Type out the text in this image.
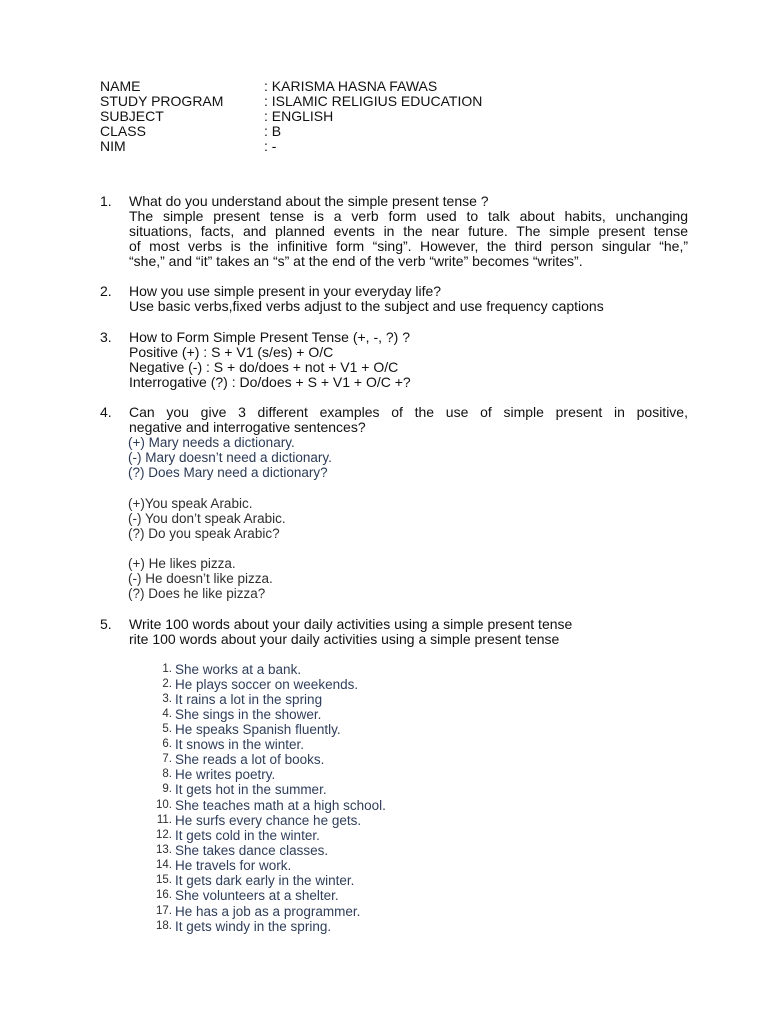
NAME	: KARISMA HASNA FAWAS
STUDY PROGRAM	: ISLAMIC RELIGIUS EDUCATION
SUBJECT	: ENGLISH
CLASS	: B
NIM	: -
1. What do you understand about the simple present tense ?
The simple present tense is a verb form used to talk about habits, unchanging
situations, facts, and planned events in the near future. The simple present tense
of most verbs is the infinitive form “sing”. However, the third person singular “he,”
“she,” and “it” takes an “s” at the end of the verb “write” becomes “writes”.
2. How you use simple present in your everyday life?
Use basic verbs,fixed verbs adjust to the subject and use frequency captions
3. How to Form Simple Present Tense (+, -, ?) ?
Positive (+) : S + V1 (s/es) + O/C
Negative (-) : S + do/does + not + V1 + O/C
Interrogative (?) : Do/does + S + V1 + O/C +?
4. Can you give 3 different examples of the use of simple present in positive,
negative and interrogative sentences?
(+) Mary needs a dictionary.
(-) Mary doesn’t need a dictionary.
(?) Does Mary need a dictionary?
(+)You speak Arabic.
(-) You don’t speak Arabic.
(?) Do you speak Arabic?
(+) He likes pizza.
(-) He doesn’t like pizza.
(?) Does he like pizza?
5. Write 100 words about your daily activities using a simple present tense
rite 100 words about your daily activities using a simple present tense
1. She works at a bank.
2. He plays soccer on weekends.
3. It rains a lot in the spring
4. She sings in the shower.
5. He speaks Spanish fluently.
6. It snows in the winter.
7. She reads a lot of books.
8. He writes poetry.
9. It gets hot in the summer.
10. She teaches math at a high school.
11. He surfs every chance he gets.
12. It gets cold in the winter.
13. She takes dance classes.
14. He travels for work.
15. It gets dark early in the winter.
16. She volunteers at a shelter.
17. He has a job as a programmer.
18. It gets windy in the spring.
